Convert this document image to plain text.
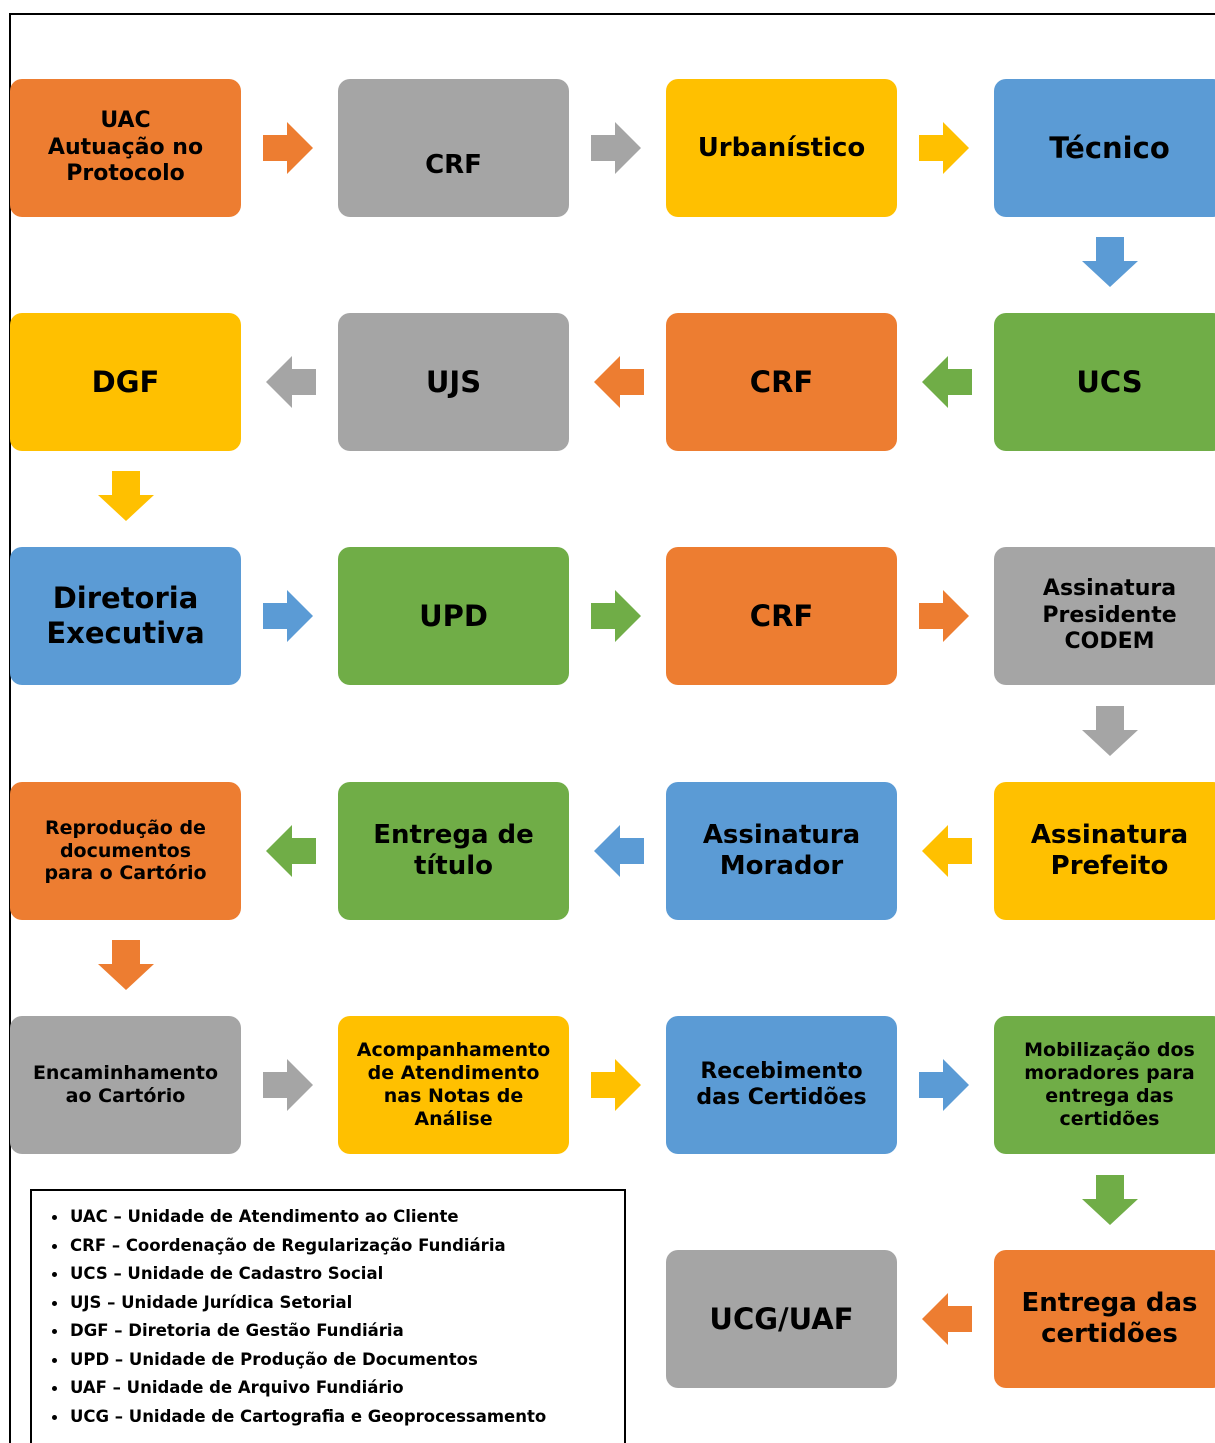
UAC
Autuação no
Protocolo	CRF
Urbanístico	Técnico
DGF	UJS	CRF	UCS
Diretoria
Executiva
UPD	CRF
Assinatura
Presidente
CODEM
Reprodução de
documentos
para o Cartório
Entrega de
título
Assinatura
Morador
Assinatura
Prefeito
Encaminhamento
ao Cartório
Acompanhamento
de Atendimento
nas Notas de
Análise
Recebimento
das Certidões
Mobilização dos
moradores para
entrega das
certidões
UCG/UAF	Entrega das
certidões
UAC – Unidade de Atendimento ao Cliente
CRF – Coordenação de Regularização Fundiária
UCS – Unidade de Cadastro Social
UJS – Unidade Jurídica Setorial
DGF – Diretoria de Gestão Fundiária
UPD – Unidade de Produção de Documentos
UAF – Unidade de Arquivo Fundiário
UCG – Unidade de Cartografia e Geoprocessamento
